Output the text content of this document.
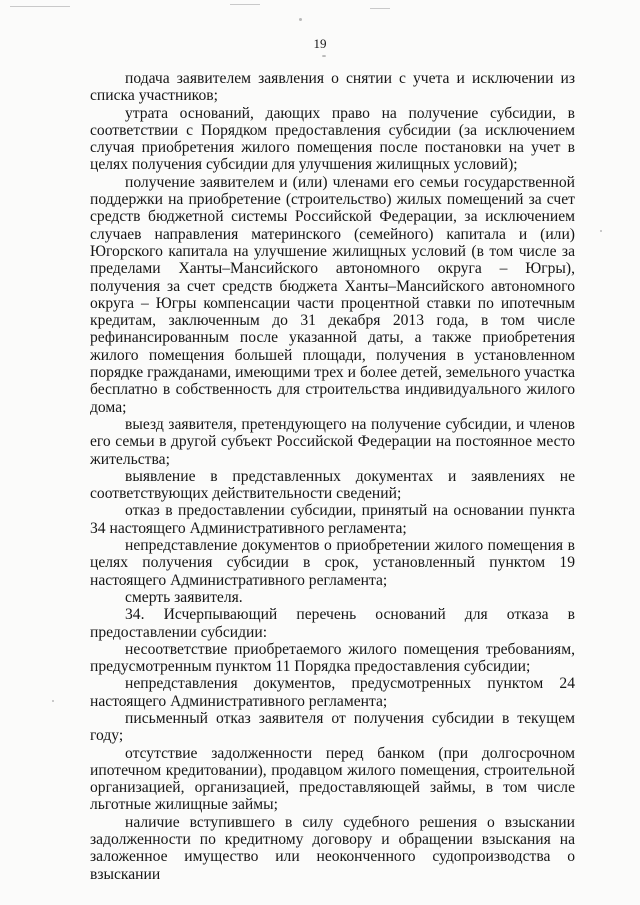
19

подача заявителем заявления о снятии с учета и исключении из списка участников;

утрата оснований, дающих право на получение субсидии, в соответствии с Порядком предоставления субсидии (за исключением случая приобретения жилого помещения после постановки на учет в целях получения субсидии для улучшения жилищных условий);

получение заявителем и (или) членами его семьи государственной поддержки на приобретение (строительство) жилых помещений за счет средств бюджетной системы Российской Федерации, за исключением случаев направления материнского (семейного) капитала и (или) Югорского капитала на улучшение жилищных условий (в том числе за пределами Ханты–Мансийского автономного округа – Югры), получения за счет средств бюджета Ханты–Мансийского автономного округа – Югры компенсации части процентной ставки по ипотечным кредитам, заключенным до 31 декабря 2013 года, в том числе рефинансированным после указанной даты, а также приобретения жилого помещения большей площади, получения в установленном порядке гражданами, имеющими трех и более детей, земельного участка бесплатно в собственность для строительства индивидуального жилого дома;

выезд заявителя, претендующего на получение субсидии, и членов его семьи в другой субъект Российской Федерации на постоянное место жительства;

выявление в представленных документах и заявлениях не соответствующих действительности сведений;

отказ в предоставлении субсидии, принятый на основании пункта 34 настоящего Административного регламента;

непредставление документов о приобретении жилого помещения в целях получения субсидии в срок, установленный пунктом 19 настоящего Административного регламента;

смерть заявителя.

34. Исчерпывающий перечень оснований для отказа в предоставлении субсидии:

несоответствие приобретаемого жилого помещения требованиям, предусмотренным пунктом 11 Порядка предоставления субсидии;

непредставления документов, предусмотренных пунктом 24 настоящего Административного регламента;

письменный отказ заявителя от получения субсидии в текущем году;

отсутствие задолженности перед банком (при долгосрочном ипотечном кредитовании), продавцом жилого помещения, строительной организацией, организацией, предоставляющей займы, в том числе льготные жилищные займы;

наличие вступившего в силу судебного решения о взыскании задолженности по кредитному договору и обращении взыскания на заложенное имущество или неоконченного судопроизводства о взыскании
